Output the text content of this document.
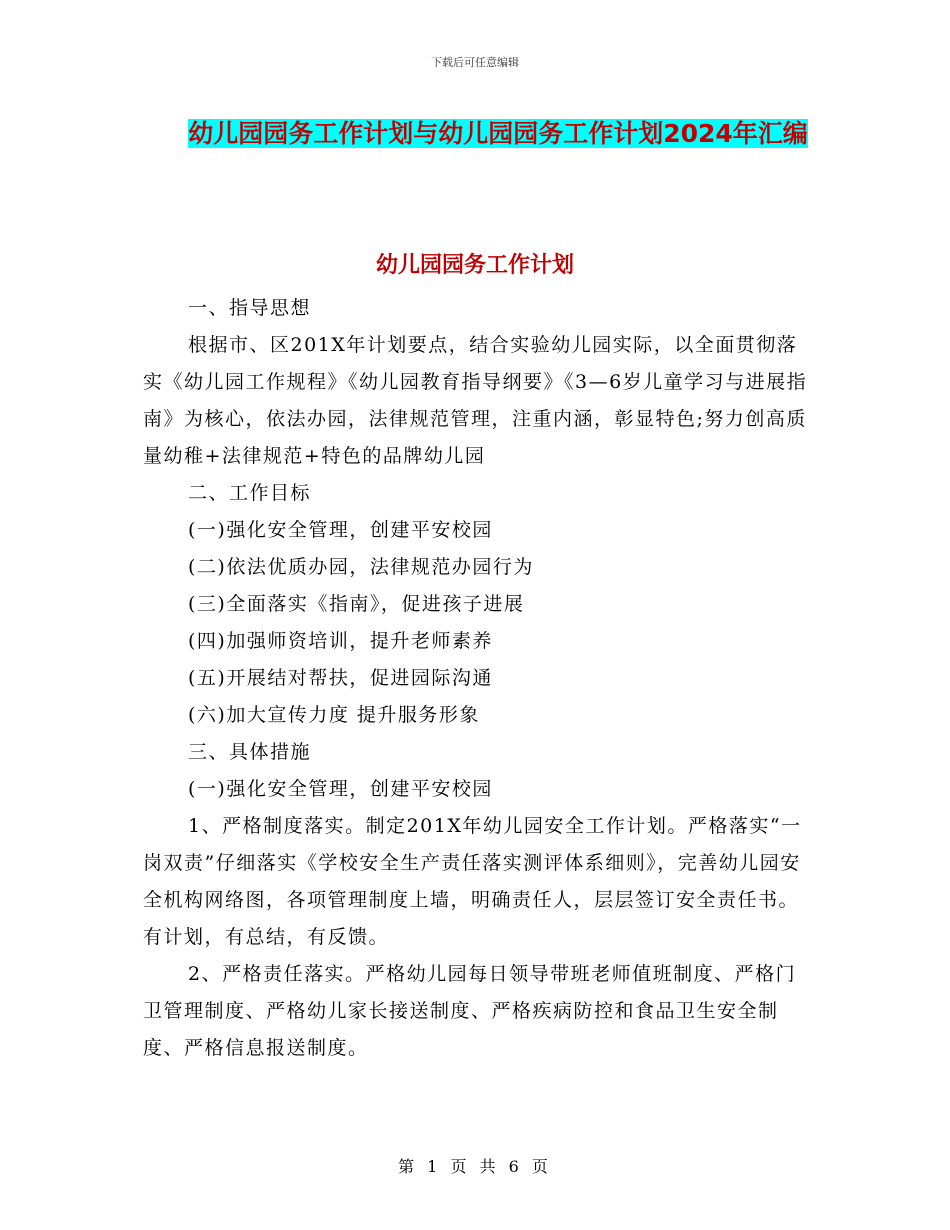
下载后可任意编辑
幼儿园园务工作计划与幼儿园园务工作计划2024年汇编
幼儿园园务工作计划

一、指导思想

根据市、区201X年计划要点，结合实验幼儿园实际，以全面贯彻落实《幼儿园工作规程》《幼儿园教育指导纲要》《3—6岁儿童学习与进展指南》为核心，依法办园，法律规范管理，注重内涵，彰显特色;努力创高质量幼稚+法律规范+特色的品牌幼儿园

二、工作目标

(一)强化安全管理，创建平安校园

(二)依法优质办园，法律规范办园行为

(三)全面落实《指南》，促进孩子进展

(四)加强师资培训，提升老师素养

(五)开展结对帮扶，促进园际沟通

(六)加大宣传力度 提升服务形象

三、具体措施

(一)强化安全管理，创建平安校园

1、严格制度落实。制定201X年幼儿园安全工作计划。严格落实“一岗双责”仔细落实《学校安全生产责任落实测评体系细则》，完善幼儿园安全机构网络图，各项管理制度上墙，明确责任人，层层签订安全责任书。有计划，有总结，有反馈。

2、严格责任落实。严格幼儿园每日领导带班老师值班制度、严格门卫管理制度、严格幼儿家长接送制度、严格疾病防控和食品卫生安全制度、严格信息报送制度。

第 1 页 共 6 页
